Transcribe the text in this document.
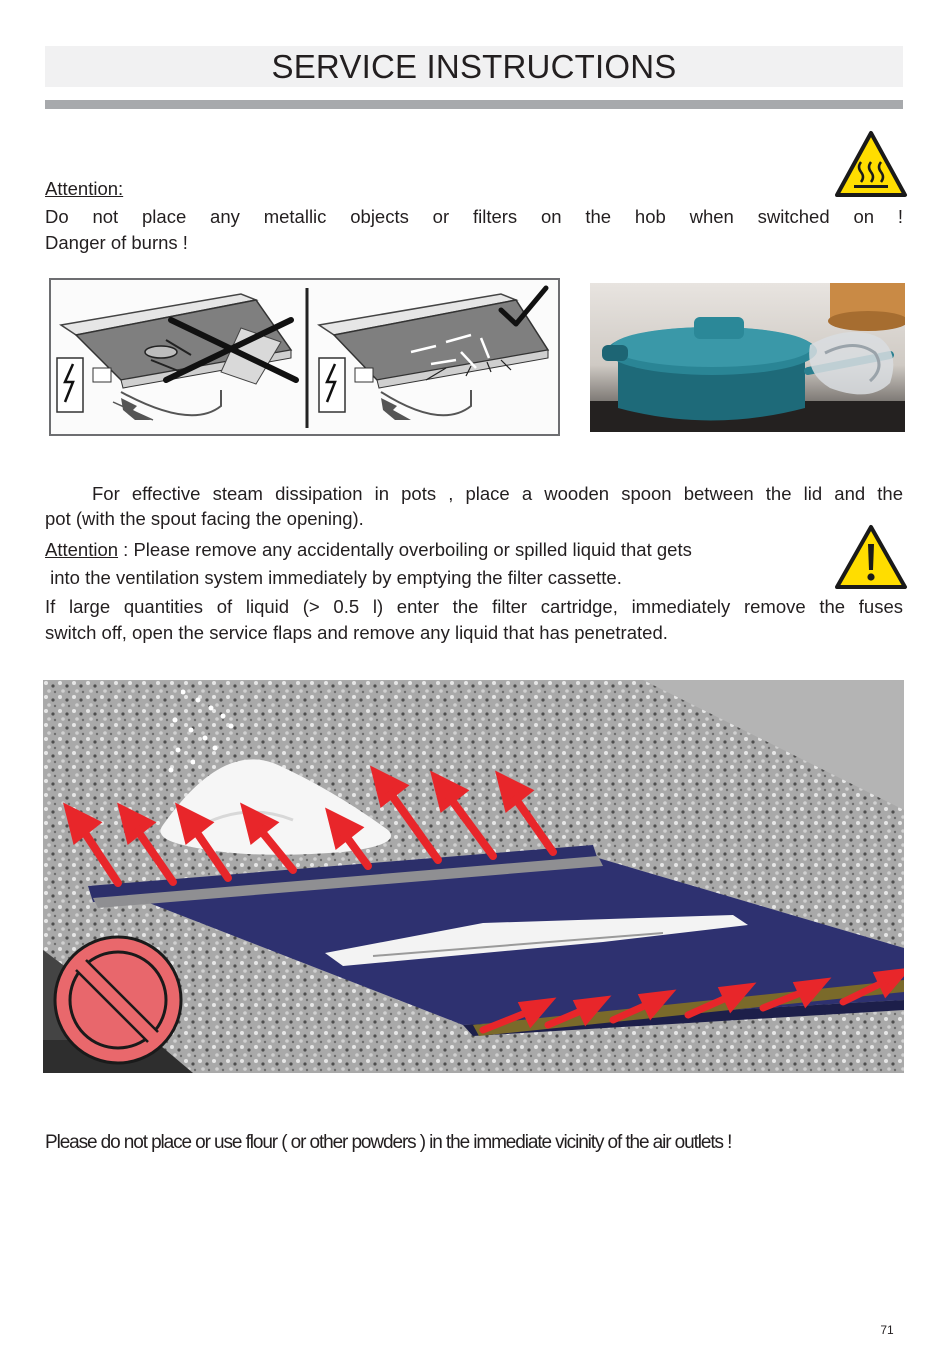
SERVICE INSTRUCTIONS
Attention:
Do not place any metallic objects or filters on the hob when switched on !
Danger of burns !
For effective steam dissipation in pots , place a wooden spoon between the lid and the
pot (with the spout facing the opening).
Attention : Please remove any accidentally overboiling or spilled liquid that gets
into the ventilation system immediately by emptying the filter cassette.
If large quantities of liquid (> 0.5 l) enter the filter cartridge, immediately remove the fuses
switch off, open the service flaps and remove any liquid that has penetrated.
Please do not place or use flour ( or other powders ) in the immediate vicinity of the air outlets !
71
